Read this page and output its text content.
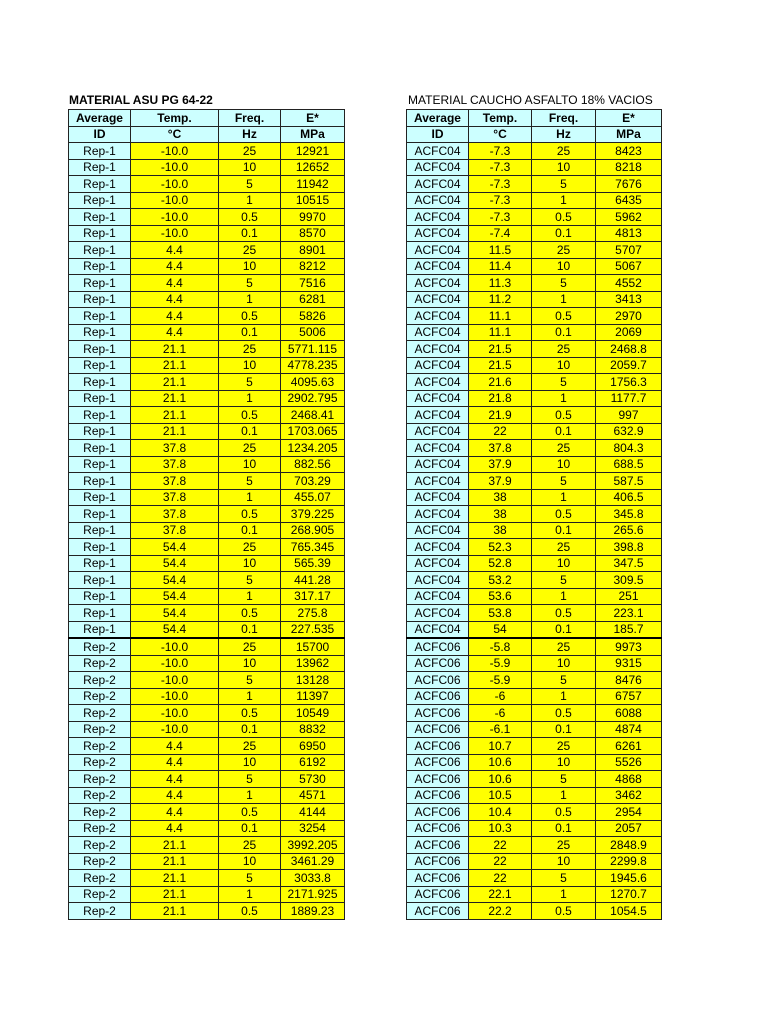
MATERIAL ASU PG 64-22	MATERIAL CAUCHO ASFALTO 18% VACIOS
Average	Temp.	Freq.	E*
ID	°C	Hz	MPa
Rep-1	-10.0	25	12921
Rep-1	-10.0	10	12652
Rep-1	-10.0	5	11942
Rep-1	-10.0	1	10515
Rep-1	-10.0	0.5	9970
Rep-1	-10.0	0.1	8570
Rep-1	4.4	25	8901
Rep-1	4.4	10	8212
Rep-1	4.4	5	7516
Rep-1	4.4	1	6281
Rep-1	4.4	0.5	5826
Rep-1	4.4	0.1	5006
Rep-1	21.1	25	5771.115
Rep-1	21.1	10	4778.235
Rep-1	21.1	5	4095.63
Rep-1	21.1	1	2902.795
Rep-1	21.1	0.5	2468.41
Rep-1	21.1	0.1	1703.065
Rep-1	37.8	25	1234.205
Rep-1	37.8	10	882.56
Rep-1	37.8	5	703.29
Rep-1	37.8	1	455.07
Rep-1	37.8	0.5	379.225
Rep-1	37.8	0.1	268.905
Rep-1	54.4	25	765.345
Rep-1	54.4	10	565.39
Rep-1	54.4	5	441.28
Rep-1	54.4	1	317.17
Rep-1	54.4	0.5	275.8
Rep-1	54.4	0.1	227.535
Rep-2	-10.0	25	15700
Rep-2	-10.0	10	13962
Rep-2	-10.0	5	13128
Rep-2	-10.0	1	11397
Rep-2	-10.0	0.5	10549
Rep-2	-10.0	0.1	8832
Rep-2	4.4	25	6950
Rep-2	4.4	10	6192
Rep-2	4.4	5	5730
Rep-2	4.4	1	4571
Rep-2	4.4	0.5	4144
Rep-2	4.4	0.1	3254
Rep-2	21.1	25	3992.205
Rep-2	21.1	10	3461.29
Rep-2	21.1	5	3033.8
Rep-2	21.1	1	2171.925
Rep-2	21.1	0.5	1889.23
Average	Temp.	Freq.	E*
ID	°C	Hz	MPa
ACFC04	-7.3	25	8423
ACFC04	-7.3	10	8218
ACFC04	-7.3	5	7676
ACFC04	-7.3	1	6435
ACFC04	-7.3	0.5	5962
ACFC04	-7.4	0.1	4813
ACFC04	11.5	25	5707
ACFC04	11.4	10	5067
ACFC04	11.3	5	4552
ACFC04	11.2	1	3413
ACFC04	11.1	0.5	2970
ACFC04	11.1	0.1	2069
ACFC04	21.5	25	2468.8
ACFC04	21.5	10	2059.7
ACFC04	21.6	5	1756.3
ACFC04	21.8	1	1177.7
ACFC04	21.9	0.5	997
ACFC04	22	0.1	632.9
ACFC04	37.8	25	804.3
ACFC04	37.9	10	688.5
ACFC04	37.9	5	587.5
ACFC04	38	1	406.5
ACFC04	38	0.5	345.8
ACFC04	38	0.1	265.6
ACFC04	52.3	25	398.8
ACFC04	52.8	10	347.5
ACFC04	53.2	5	309.5
ACFC04	53.6	1	251
ACFC04	53.8	0.5	223.1
ACFC04	54	0.1	185.7
ACFC06	-5.8	25	9973
ACFC06	-5.9	10	9315
ACFC06	-5.9	5	8476
ACFC06	-6	1	6757
ACFC06	-6	0.5	6088
ACFC06	-6.1	0.1	4874
ACFC06	10.7	25	6261
ACFC06	10.6	10	5526
ACFC06	10.6	5	4868
ACFC06	10.5	1	3462
ACFC06	10.4	0.5	2954
ACFC06	10.3	0.1	2057
ACFC06	22	25	2848.9
ACFC06	22	10	2299.8
ACFC06	22	5	1945.6
ACFC06	22.1	1	1270.7
ACFC06	22.2	0.5	1054.5
